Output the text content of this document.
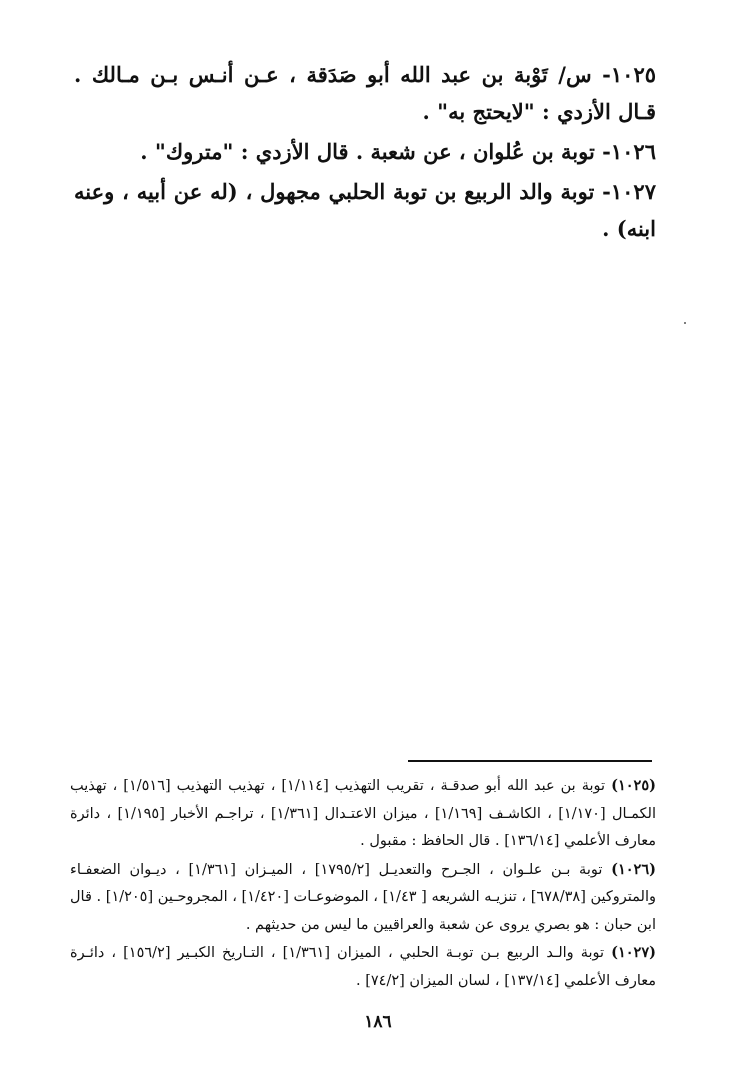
١٠٢٥- س/ تَوْبة بن عبد الله أبو صَدَقة ، عـن أنـس بـن مـالك . قـال الأزدي : "لايحتج به" .

١٠٢٦- توبة بن عُلوان ، عن شعبة . قال الأزدي : "متروك" .

١٠٢٧- توبة والد الربيع بن توبة الحلبي مجهول ، (له عن أبيه ، وعنه ابنه) .

(١٠٢٥) توبة بن عبد الله أبو صدقـة ، تقريب التهذيب [١/١١٤] ، تهذيب التهذيب [١/٥١٦] ، تهذيب الكمـال [١/١٧٠] ، الكاشـف [١/١٦٩] ، ميزان الاعتـدال [١/٣٦١] ، تراجـم الأخبار [١/١٩٥] ، دائرة معارف الأعلمي [١٣٦/١٤] . قال الحافظ : مقبول .

(١٠٢٦) توبة بـن علـوان ، الجـرح والتعديـل [١٧٩٥/٢] ، الميـزان [١/٣٦١] ، ديـوان الضعفـاء والمتروكين [٦٧٨/٣٨] ، تنزيـه الشريعه [ ١/٤٣] ، الموضوعـات [١/٤٢٠] ، المجروحـين [١/٢٠٥] . قال ابن حبان : هو بصري يروى عن شعبة والعراقيين ما ليس من حديثهم .

(١٠٢٧) توبة والـد الربيع بـن توبـة الحلبي ، الميزان [١/٣٦١] ، التـاريخ الكبـير [١٥٦/٢] ، دائـرة معارف الأعلمي [١٣٧/١٤] ، لسان الميزان [٧٤/٢] .

١٨٦
